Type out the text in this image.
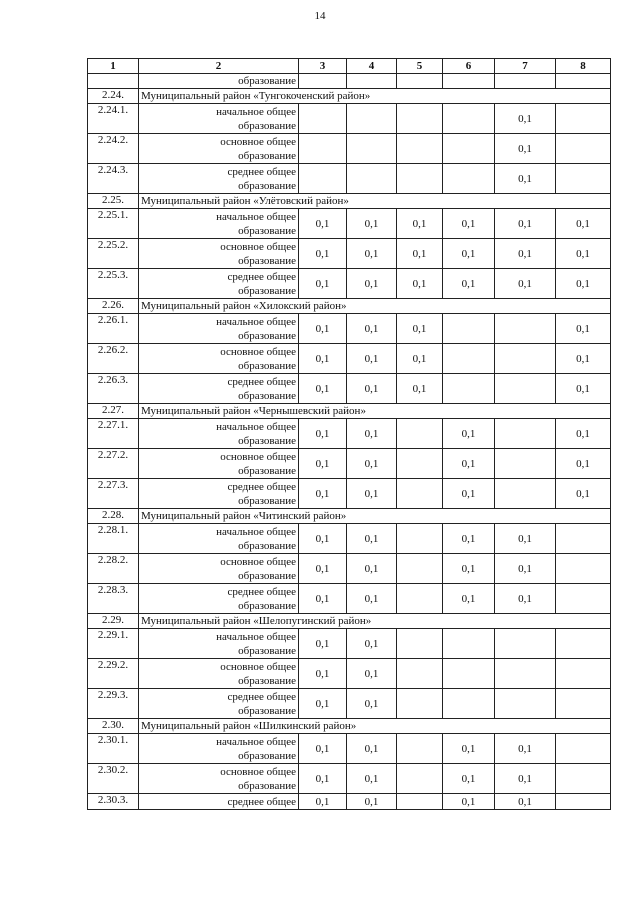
14
1	2	3	4	5	6	7	8
	образование						
2.24.	Муниципальный район «Тунгокоченский район»						
2.24.1.	начальное общее
образование					0,1	
2.24.2.	основное общее
образование					0,1	
2.24.3.	среднее общее
образование					0,1	
2.25.	Муниципальный район «Улётовский район»						
2.25.1.	начальное общее
образование	0,1	0,1	0,1	0,1	0,1	0,1
2.25.2.	основное общее
образование	0,1	0,1	0,1	0,1	0,1	0,1
2.25.3.	среднее общее
образование	0,1	0,1	0,1	0,1	0,1	0,1
2.26.	Муниципальный район «Хилокский район»						
2.26.1.	начальное общее
образование	0,1	0,1	0,1			0,1
2.26.2.	основное общее
образование	0,1	0,1	0,1			0,1
2.26.3.	среднее общее
образование	0,1	0,1	0,1			0,1
2.27.	Муниципальный район «Чернышевский район»						
2.27.1.	начальное общее
образование	0,1	0,1		0,1		0,1
2.27.2.	основное общее
образование	0,1	0,1		0,1		0,1
2.27.3.	среднее общее
образование	0,1	0,1		0,1		0,1
2.28.	Муниципальный район «Читинский район»						
2.28.1.	начальное общее
образование	0,1	0,1		0,1	0,1	
2.28.2.	основное общее
образование	0,1	0,1		0,1	0,1	
2.28.3.	среднее общее
образование	0,1	0,1		0,1	0,1	
2.29.	Муниципальный район «Шелопугинский район»						
2.29.1.	начальное общее
образование	0,1	0,1				
2.29.2.	основное общее
образование	0,1	0,1				
2.29.3.	среднее общее
образование	0,1	0,1				
2.30.	Муниципальный район «Шилкинский район»						
2.30.1.	начальное общее
образование	0,1	0,1		0,1	0,1	
2.30.2.	основное общее
образование	0,1	0,1		0,1	0,1	
2.30.3.	среднее общее	0,1	0,1		0,1	0,1	
